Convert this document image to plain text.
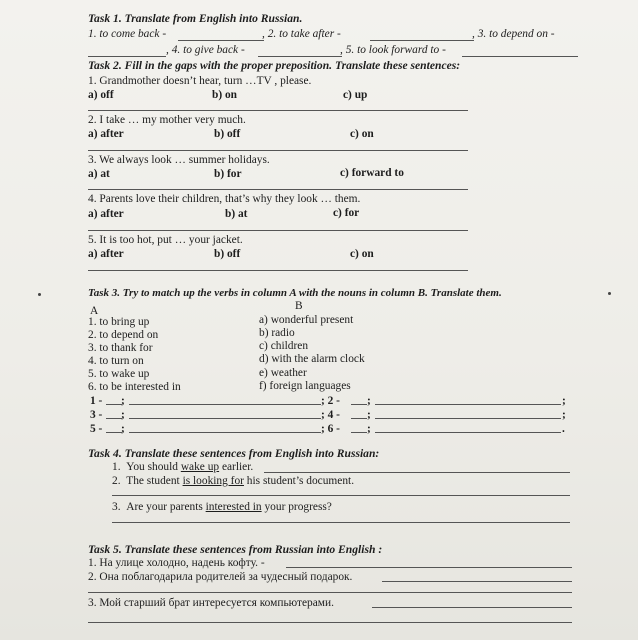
Task 1. Translate from English into Russian.
1. to come back -	, 2. to take after -	, 3. to depend on -
, 4. to give back -	, 5. to look forward to -
Task 2. Fill in the gaps with the proper preposition. Translate these sentences:
1. Grandmother doesn’t hear, turn …TV , please.
a) off	b) on	c) up
2. I take … my mother very much.
a) after	b) off	c) on
3. We always look … summer holidays.
a) at	b) for	c) forward to
4. Parents love their children, that’s why they look … them.
a) after	b) at	c) for
5. It is too hot, put … your jacket.
a) after	b) off	c) on
Task 3. Try to match up the verbs in column A with the nouns in column B. Translate them.
B
A
1. to bring up
2. to depend on
3. to thank for
4. to turn on
5. to wake up
6. to be interested in
a) wonderful present
b) radio
c) children
d) with the alarm clock
e) weather
f) foreign languages
1 - ;	; 2 - ;	;
3 - ;	; 4 - ;	;
5 - ;	; 6 - ;	.
Task 4. Translate these sentences from English into Russian:
1. You should wake up earlier.
2. The student is looking for his student’s document.
3. Are your parents interested in your progress?
Task 5. Translate these sentences from Russian into English :
1. На улице холодно, надень кофту. -
2. Она поблагодарила родителей за чудесный подарок.
3. Мой старший брат интересуется компьютерами.
